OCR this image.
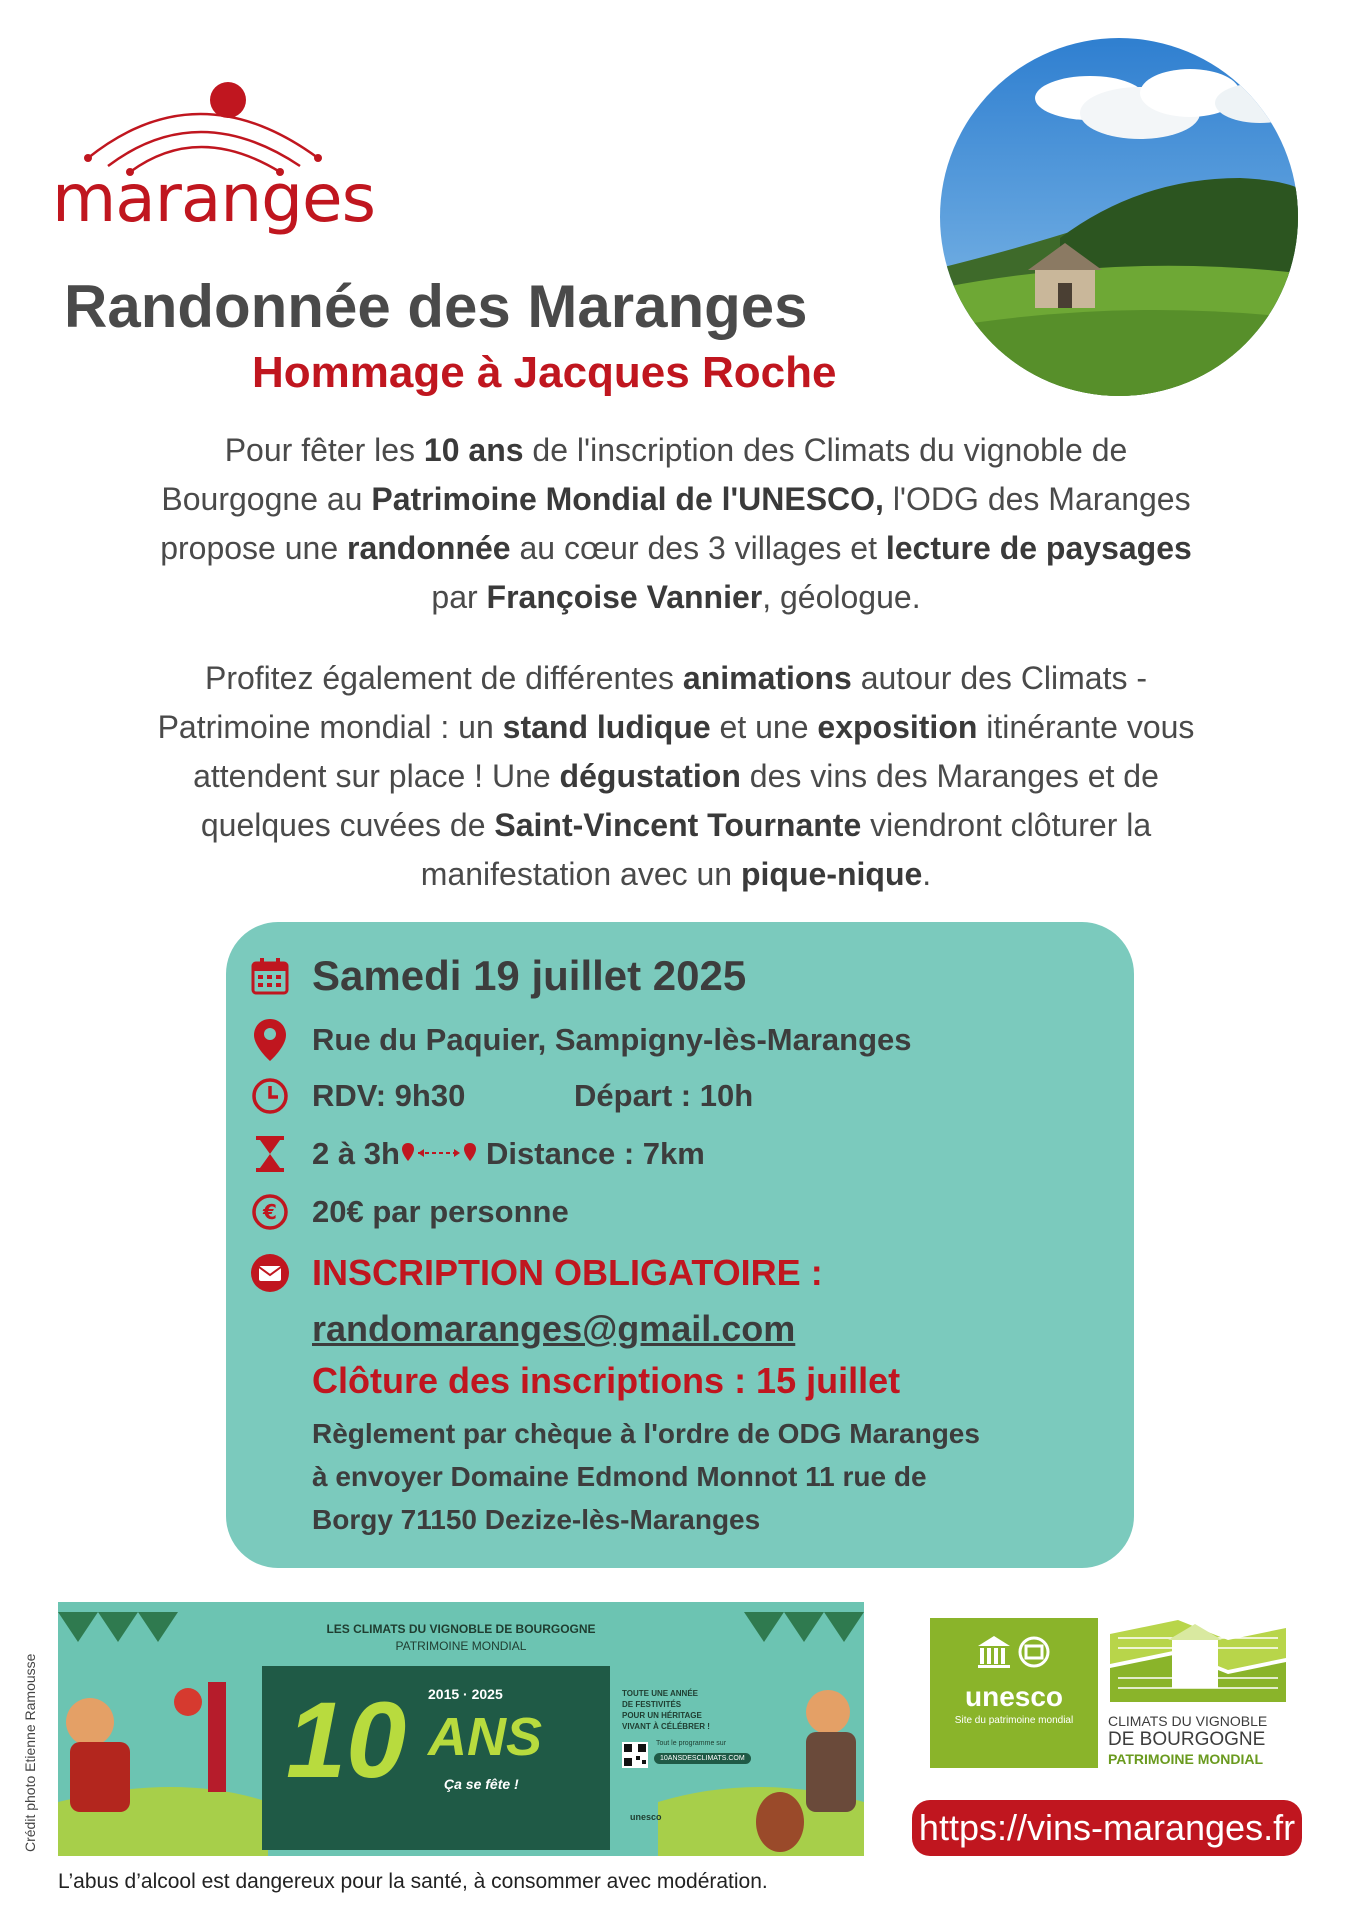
maranges
Randonnée des Maranges
Hommage à Jacques Roche
Pour fêter les 10 ans de l'inscription des Climats du vignoble de
Bourgogne au Patrimoine Mondial de l'UNESCO, l'ODG des Maranges
propose une randonnée au cœur des 3 villages et lecture de paysages
par Françoise Vannier, géologue.
Profitez également de différentes animations autour des Climats -
Patrimoine mondial : un stand ludique et une exposition itinérante vous
attendent sur place ! Une dégustation des vins des Maranges et de
quelques cuvées de Saint-Vincent Tournante viendront clôturer la
manifestation avec un pique-nique.
Samedi 19 juillet 2025
Rue du Paquier, Sampigny-lès-Maranges
RDV: 9h30	Départ : 10h
2 à 3h	Distance : 7km
€ 20€ par personne
INSCRIPTION OBLIGATOIRE :
randomaranges@gmail.com
Clôture des inscriptions : 15 juillet
Règlement par chèque à l'ordre de ODG Maranges
à envoyer Domaine Edmond Monnot 11 rue de
Borgy 71150 Dezize-lès-Maranges
Crédit photo Etienne Ramousse
LES CLIMATS DU VIGNOBLE DE BOURGOGNE
PATRIMOINE MONDIAL
2015 · 2025
10 ANS
Ça se fête !
TOUTE UNE ANNÉE
DE FESTIVITÉS
POUR UN HÉRITAGE
VIVANT À CÉLÉBRER !
Tout le programme sur
10ANSDESCLIMATS.COM
unesco
unesco
Site du patrimoine mondial	CLIMATS DU VIGNOBLE
DE BOURGOGNE
PATRIMOINE MONDIAL
https://vins-maranges.fr
L’abus d’alcool est dangereux pour la santé, à consommer avec modération.
